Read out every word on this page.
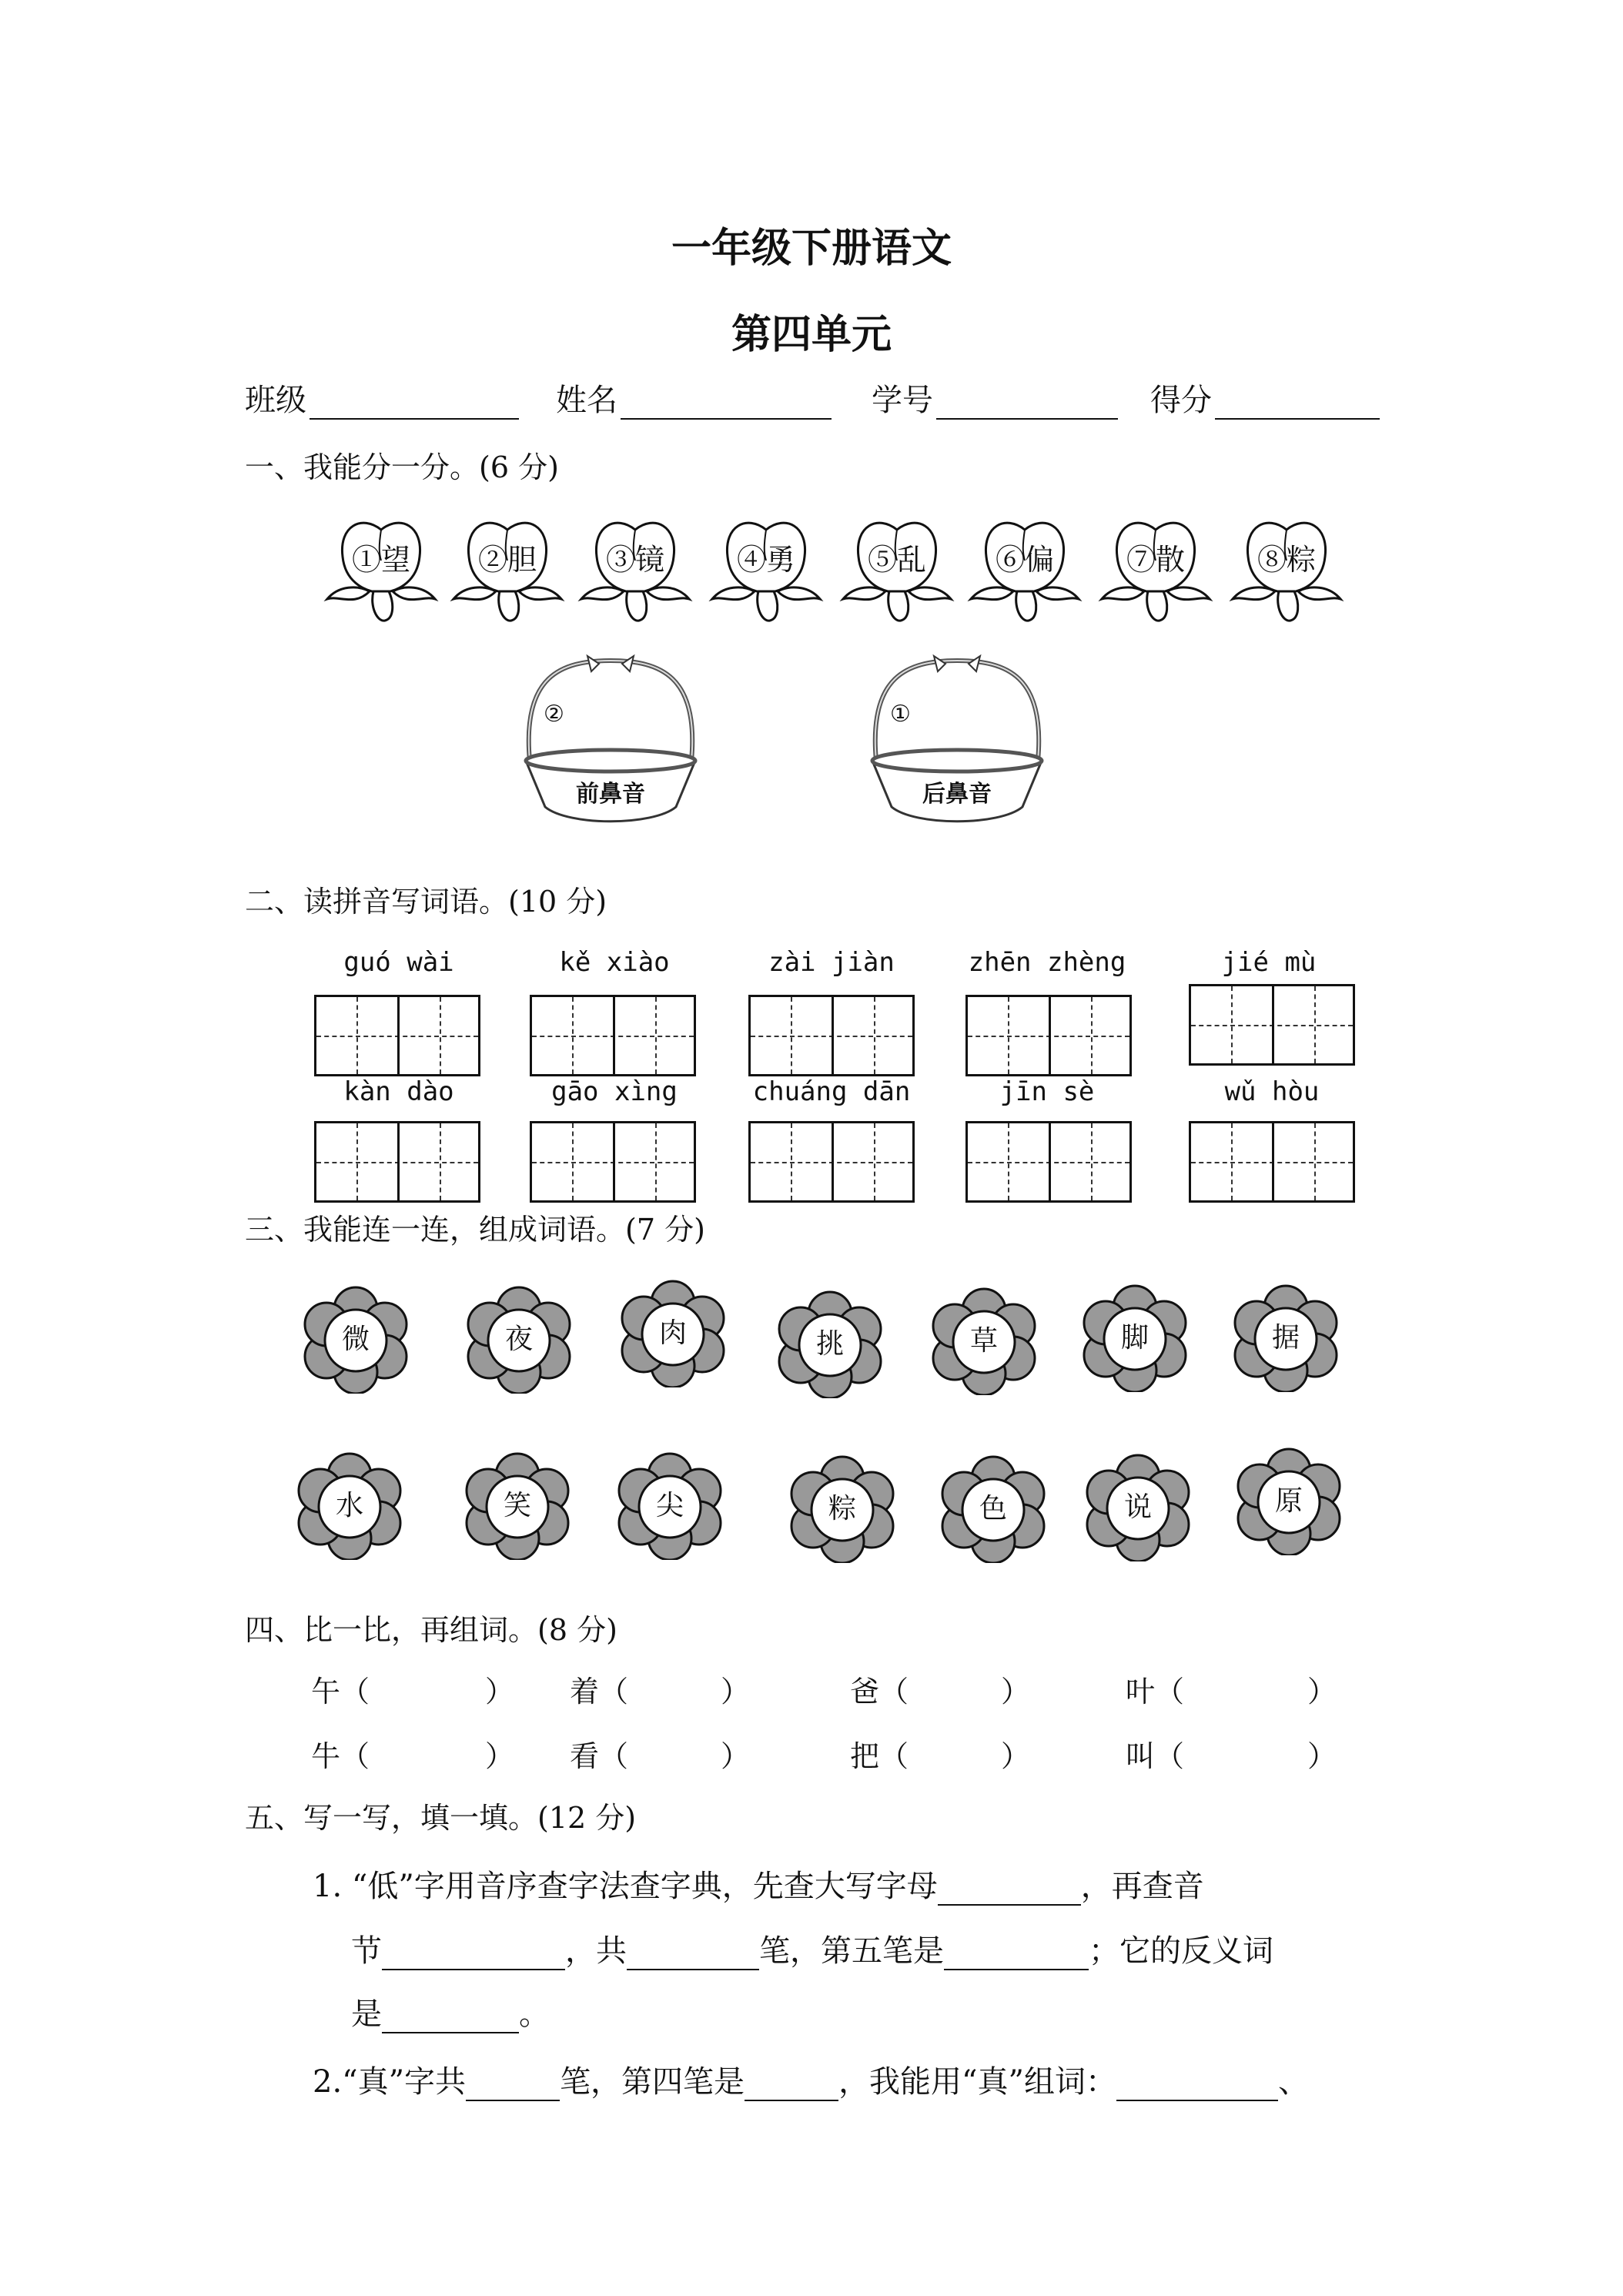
一年级下册语文
第四单元
班级	姓名	学号	得分
一、我能分一分。(6 分)
①望	②胆	③镜	④勇	⑤乱	⑥偏	⑦散	⑧粽
②
前鼻音
①
后鼻音
二、读拼音写词语。(10 分)
guó wài	kě xiào	zài jiàn	zhēn zhèng	jié mù
kàn dào	gāo xìng	chuáng dān	jīn sè	wǔ hòu
三、我能连一连，组成词语。(7 分)
微	夜	肉	挑	草	脚	据
水	笑	尖	粽	色	说	原
四、比一比，再组词。(8 分)
午（	） 着（	）	爸（	）	叶（	）
牛（	） 看（	）	把（	）	叫（	）
五、写一写，填一填。(12 分)
1. “低”字用音序查字法查字典，先查大写字母	，再查音
节	，共	笔，第五笔是	；它的反义词
是	。
2.“真”字共	笔，第四笔是	，我能用“真”组词：	、
